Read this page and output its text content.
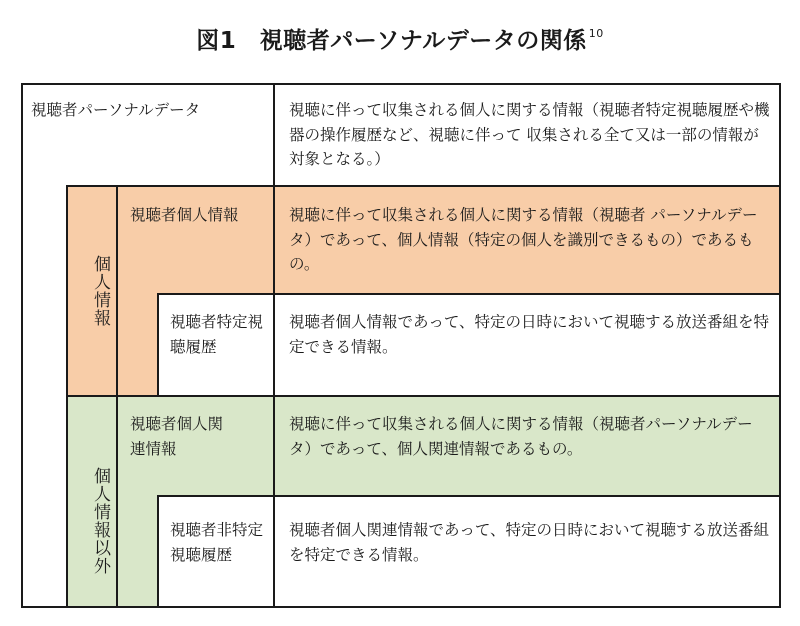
図1　視聴者パーソナルデータの関係 $^{10}$
視聴者パーソナルデータ	視聴に伴って収集される個人に関する情報（視聴者特定視聴履歴や機器の操作履歴など、視聴に伴って 収集される全て又は一部の情報が対象となる。）
個人情報
視聴者個人情報	視聴に伴って収集される個人に関する情報（視聴者 パーソナルデータ）であって、個人情報（特定の個人を識別できるもの）であるもの。
視聴者特定視聴履歴
視聴者個人情報であって、特定の日時において視聴する放送番組を特定できる情報。
個人情報以外
視聴者個人関連情報
視聴に伴って収集される個人に関する情報（視聴者パーソナルデータ）であって、個人関連情報であるもの。
視聴者非特定視聴履歴
視聴者個人関連情報であって、特定の日時において視聴する放送番組を特定できる情報。
